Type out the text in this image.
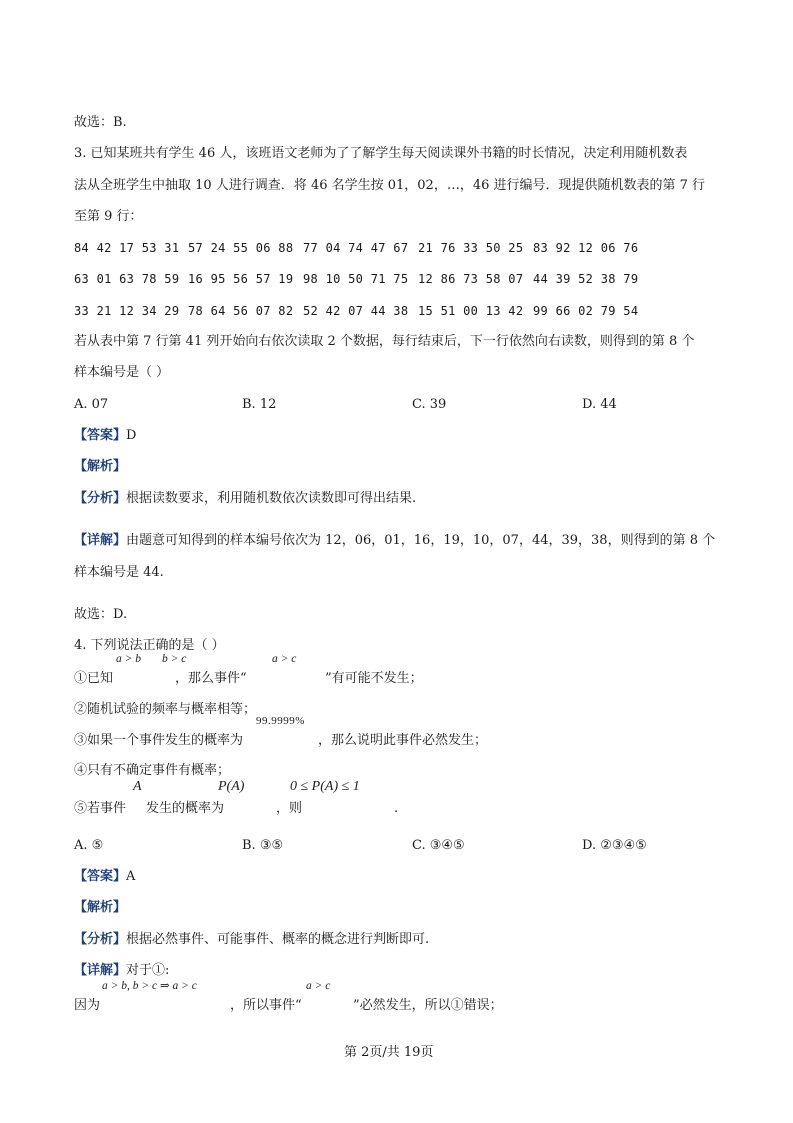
故选：B.
3. 已知某班共有学生 46 人，该班语文老师为了了解学生每天阅读课外书籍的时长情况，决定利用随机数表
法从全班学生中抽取 10 人进行调查．将 46 名学生按 01，02，…，46 进行编号．现提供随机数表的第 7 行
至第 9 行：
84 42 17 53 31 57 24 55 06 88 77 04 74 47 67 21 76 33 50 25 83 92 12 06 76
63 01 63 78 59 16 95 56 57 19 98 10 50 71 75 12 86 73 58 07 44 39 52 38 79
33 21 12 34 29 78 64 56 07 82 52 42 07 44 38 15 51 00 13 42 99 66 02 79 54
若从表中第 7 行第 41 列开始向右依次读取 2 个数据，每行结束后，下一行依然向右读数，则得到的第 8 个
样本编号是（ ）
A. 07	B. 12	C. 39	D. 44
【答案】D
【解析】
【分析】根据读数要求，利用随机数依次读数即可得出结果.
【详解】由题意可知得到的样本编号依次为 12，06，01，16，19，10，07，44，39，38，则得到的第 8 个
样本编号是 44.
故选：D.
4. 下列说法正确的是（ ）
a > b b > c	a > c
①已知	，那么事件“	”有可能不发生；
②随机试验的频率与概率相等；
99.9999%
③如果一个事件发生的概率为	，那么说明此事件必然发生；
④只有不确定事件有概率；
A	P(A)	0 ≤ P(A) ≤ 1
⑤若事件 发生的概率为	，则	.
A. ⑤	B. ③⑤	C. ③④⑤	D. ②③④⑤
【答案】A
【解析】
【分析】根据必然事件、可能事件、概率的概念进行判断即可.
【详解】对于①:
a > b, b > c ⇒ a > c	a > c
因为	，所以事件“	”必然发生，所以①错误；
第 2页/共 19页
